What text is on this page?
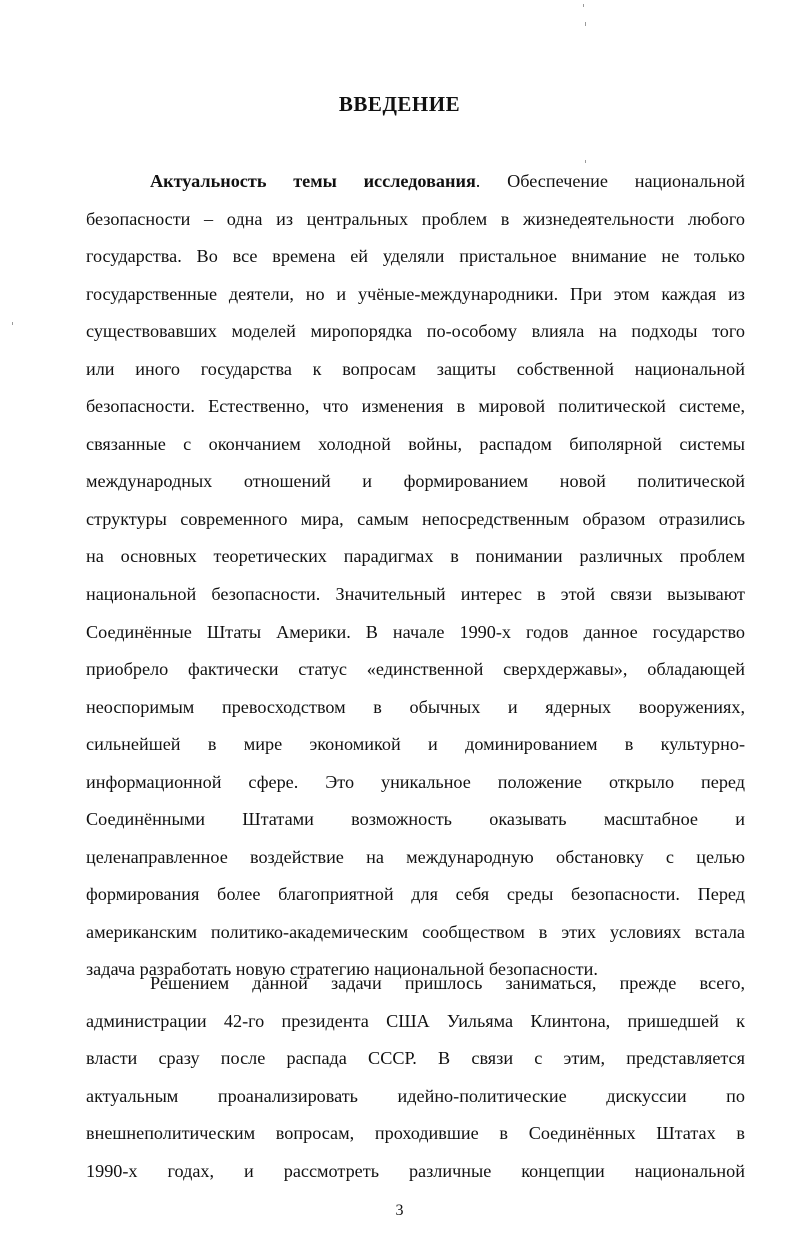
ВВЕДЕНИЕ
Актуальность темы исследования. Обеспечение национальной
безопасности – одна из центральных проблем в жизнедеятельности любого
государства. Во все времена ей уделяли пристальное внимание не только
государственные деятели, но и учёные-международники. При этом каждая из
существовавших моделей миропорядка по-особому влияла на подходы того
или иного государства к вопросам защиты собственной национальной
безопасности. Естественно, что изменения в мировой политической системе,
связанные с окончанием холодной войны, распадом биполярной системы
международных отношений и формированием новой политической
структуры современного мира, самым непосредственным образом отразились
на основных теоретических парадигмах в понимании различных проблем
национальной безопасности. Значительный интерес в этой связи вызывают
Соединённые Штаты Америки. В начале 1990-х годов данное государство
приобрело фактически статус «единственной сверхдержавы», обладающей
неоспоримым превосходством в обычных и ядерных вооружениях,
сильнейшей в мире экономикой и доминированием в культурно-
информационной сфере. Это уникальное положение открыло перед
Соединёнными Штатами возможность оказывать масштабное и
целенаправленное воздействие на международную обстановку с целью
формирования более благоприятной для себя среды безопасности. Перед
американским политико-академическим сообществом в этих условиях встала
задача разработать новую стратегию национальной безопасности.
Решением данной задачи пришлось заниматься, прежде всего,
администрации 42-го президента США Уильяма Клинтона, пришедшей к
власти сразу после распада СССР. В связи с этим, представляется
актуальным проанализировать идейно-политические дискуссии по
внешнеполитическим вопросам, проходившие в Соединённых Штатах в
1990-х годах, и рассмотреть различные концепции национальной
3
